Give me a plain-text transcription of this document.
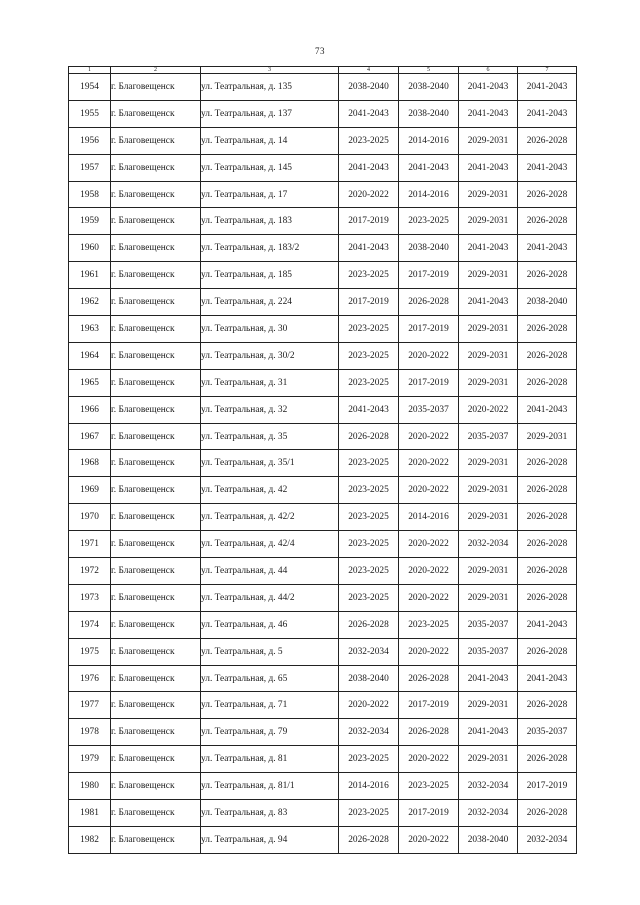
73
1	2	3	4	5	6	7
1954	г. Благовещенск	ул. Театральная, д. 135	2038-2040	2038-2040	2041-2043	2041-2043
1955	г. Благовещенск	ул. Театральная, д. 137	2041-2043	2038-2040	2041-2043	2041-2043
1956	г. Благовещенск	ул. Театральная, д. 14	2023-2025	2014-2016	2029-2031	2026-2028
1957	г. Благовещенск	ул. Театральная, д. 145	2041-2043	2041-2043	2041-2043	2041-2043
1958	г. Благовещенск	ул. Театральная, д. 17	2020-2022	2014-2016	2029-2031	2026-2028
1959	г. Благовещенск	ул. Театральная, д. 183	2017-2019	2023-2025	2029-2031	2026-2028
1960	г. Благовещенск	ул. Театральная, д. 183/2	2041-2043	2038-2040	2041-2043	2041-2043
1961	г. Благовещенск	ул. Театральная, д. 185	2023-2025	2017-2019	2029-2031	2026-2028
1962	г. Благовещенск	ул. Театральная, д. 224	2017-2019	2026-2028	2041-2043	2038-2040
1963	г. Благовещенск	ул. Театральная, д. 30	2023-2025	2017-2019	2029-2031	2026-2028
1964	г. Благовещенск	ул. Театральная, д. 30/2	2023-2025	2020-2022	2029-2031	2026-2028
1965	г. Благовещенск	ул. Театральная, д. 31	2023-2025	2017-2019	2029-2031	2026-2028
1966	г. Благовещенск	ул. Театральная, д. 32	2041-2043	2035-2037	2020-2022	2041-2043
1967	г. Благовещенск	ул. Театральная, д. 35	2026-2028	2020-2022	2035-2037	2029-2031
1968	г. Благовещенск	ул. Театральная, д. 35/1	2023-2025	2020-2022	2029-2031	2026-2028
1969	г. Благовещенск	ул. Театральная, д. 42	2023-2025	2020-2022	2029-2031	2026-2028
1970	г. Благовещенск	ул. Театральная, д. 42/2	2023-2025	2014-2016	2029-2031	2026-2028
1971	г. Благовещенск	ул. Театральная, д. 42/4	2023-2025	2020-2022	2032-2034	2026-2028
1972	г. Благовещенск	ул. Театральная, д. 44	2023-2025	2020-2022	2029-2031	2026-2028
1973	г. Благовещенск	ул. Театральная, д. 44/2	2023-2025	2020-2022	2029-2031	2026-2028
1974	г. Благовещенск	ул. Театральная, д. 46	2026-2028	2023-2025	2035-2037	2041-2043
1975	г. Благовещенск	ул. Театральная, д. 5	2032-2034	2020-2022	2035-2037	2026-2028
1976	г. Благовещенск	ул. Театральная, д. 65	2038-2040	2026-2028	2041-2043	2041-2043
1977	г. Благовещенск	ул. Театральная, д. 71	2020-2022	2017-2019	2029-2031	2026-2028
1978	г. Благовещенск	ул. Театральная, д. 79	2032-2034	2026-2028	2041-2043	2035-2037
1979	г. Благовещенск	ул. Театральная, д. 81	2023-2025	2020-2022	2029-2031	2026-2028
1980	г. Благовещенск	ул. Театральная, д. 81/1	2014-2016	2023-2025	2032-2034	2017-2019
1981	г. Благовещенск	ул. Театральная, д. 83	2023-2025	2017-2019	2032-2034	2026-2028
1982	г. Благовещенск	ул. Театральная, д. 94	2026-2028	2020-2022	2038-2040	2032-2034
